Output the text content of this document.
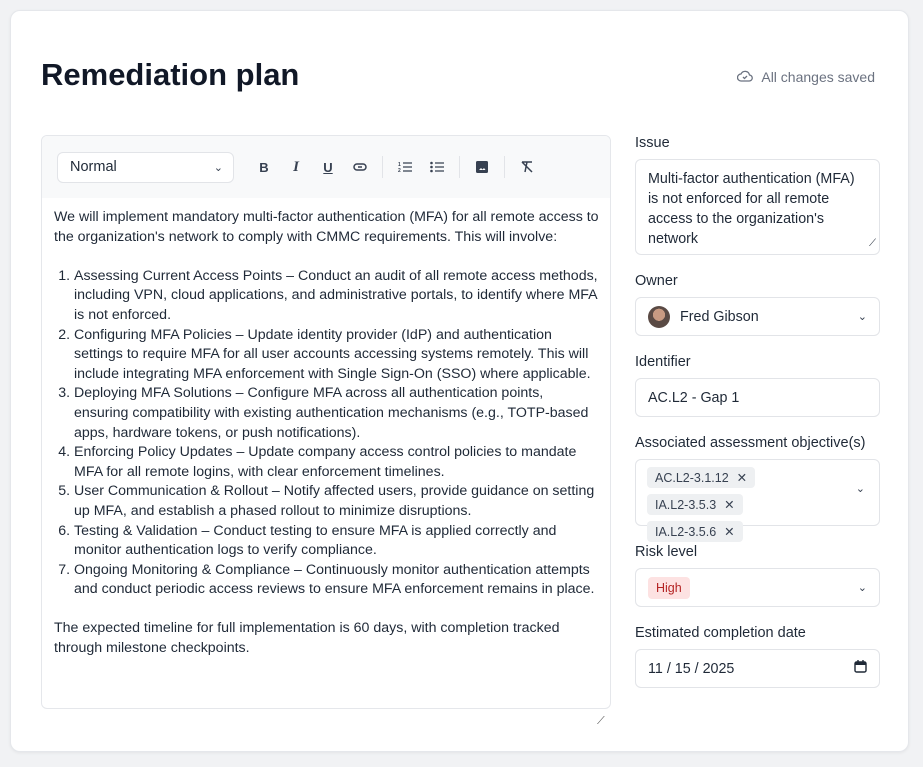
Remediation plan	All changes saved
Normal	⌄	B	I	U	1
2

We will implement mandatory multi-factor authentication (MFA) for all remote access to the organization's network to comply with CMMC requirements. This will involve:

1. Assessing Current Access Points – Conduct an audit of all remote access methods, including VPN, cloud applications, and administrative portals, to identify where MFA is not enforced.
2. Configuring MFA Policies – Update identity provider (IdP) and authentication settings to require MFA for all user accounts accessing systems remotely. This will include integrating MFA enforcement with Single Sign-On (SSO) where applicable.
3. Deploying MFA Solutions – Configure MFA across all authentication points, ensuring compatibility with existing authentication mechanisms (e.g., TOTP-based apps, hardware tokens, or push notifications).
4. Enforcing Policy Updates – Update company access control policies to mandate MFA for all remote logins, with clear enforcement timelines.
5. User Communication & Rollout – Notify affected users, provide guidance on setting up MFA, and establish a phased rollout to minimize disruptions.
6. Testing & Validation – Conduct testing to ensure MFA is applied correctly and monitor authentication logs to verify compliance.
7. Ongoing Monitoring & Compliance – Continuously monitor authentication attempts and conduct periodic access reviews to ensure MFA enforcement remains in place.

The expected timeline for full implementation is 60 days, with completion tracked through milestone checkpoints.

⟋
Issue
Multi-factor authentication (MFA) is not enforced for all remote access to the organization's network	⟋
Owner
Fred Gibson	⌄
Identifier
AC.L2 - Gap 1
Associated assessment objective(s)
AC.L2-3.1.12 ✕

IA.L2-3.5.3 ✕

IA.L2-3.5.6 ✕
⌄
Risk level
High	⌄
Estimated completion date
11 / 15 / 2025
